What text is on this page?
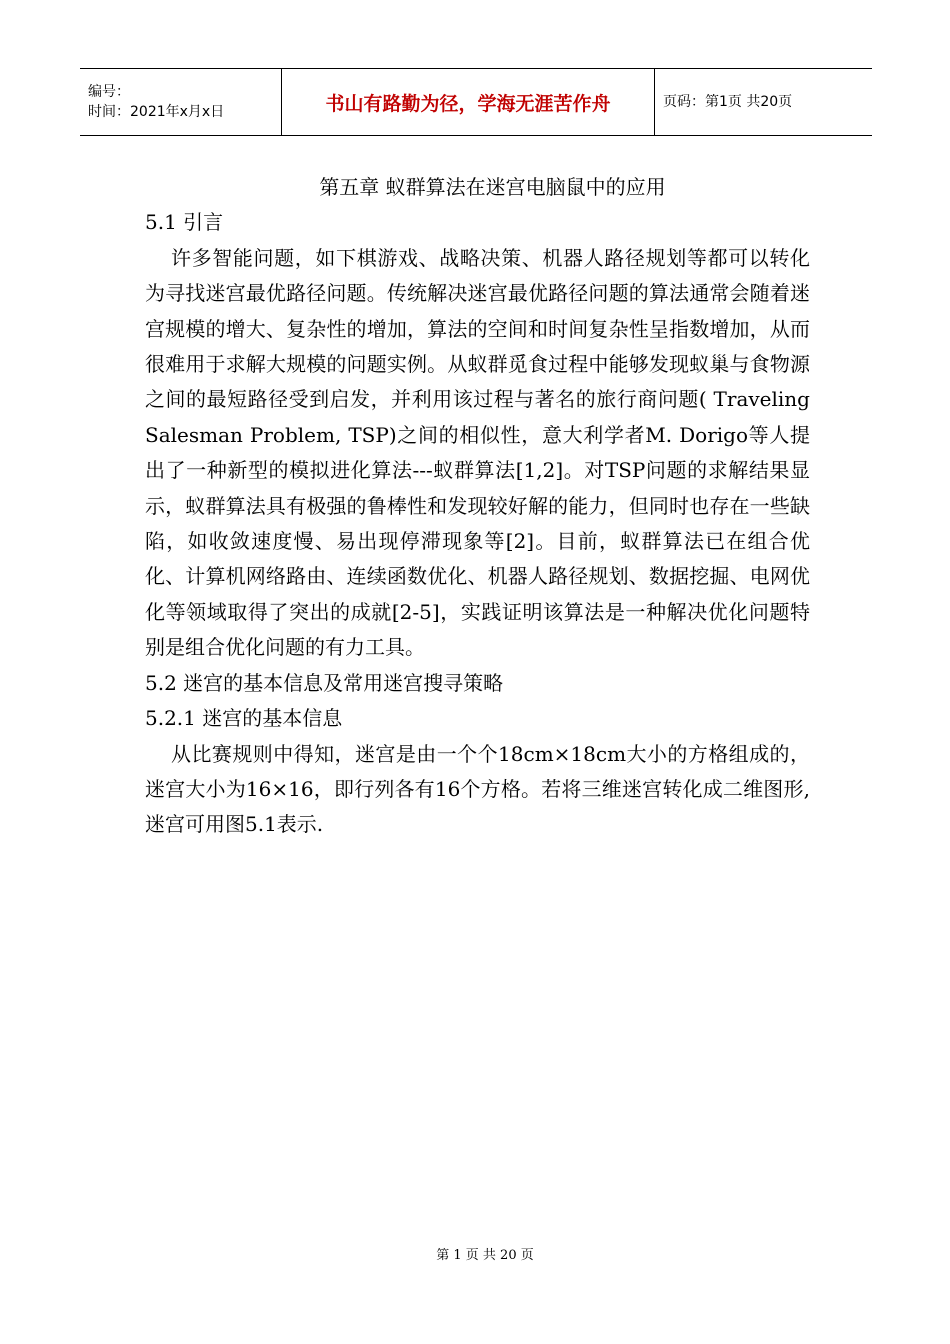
编号：
时间：2021年x月x日	书山有路勤为径，学海无涯苦作舟	页码：第1页 共20页
第五章 蚁群算法在迷宫电脑鼠中的应用
5.1 引言

许多智能问题，如下棋游戏、战略决策、机器人路径规划等都可以转化为寻找迷宫最优路径问题。传统解决迷宫最优路径问题的算法通常会随着迷宫规模的增大、复杂性的增加，算法的空间和时间复杂性呈指数增加，从而很难用于求解大规模的问题实例。从蚁群觅食过程中能够发现蚁巢与食物源之间的最短路径受到启发，并利用该过程与著名的旅行商问题( Traveling Salesman Problem, TSP)之间的相似性，意大利学者M. Dorigo等人提出了一种新型的模拟进化算法---蚁群算法[1,2]。对TSP问题的求解结果显示，蚁群算法具有极强的鲁棒性和发现较好解的能力，但同时也存在一些缺陷，如收敛速度慢、易出现停滞现象等[2]。目前，蚁群算法已在组合优化、计算机网络路由、连续函数优化、机器人路径规划、数据挖掘、电网优化等领域取得了突出的成就[2-5]，实践证明该算法是一种解决优化问题特别是组合优化问题的有力工具。

5.2 迷宫的基本信息及常用迷宫搜寻策略
5.2.1 迷宫的基本信息

从比赛规则中得知，迷宫是由一个个18cm×18cm大小的方格组成的，迷宫大小为16×16，即行列各有16个方格。若将三维迷宫转化成二维图形,迷宫可用图5.1表示.

第 1 页 共 20 页
